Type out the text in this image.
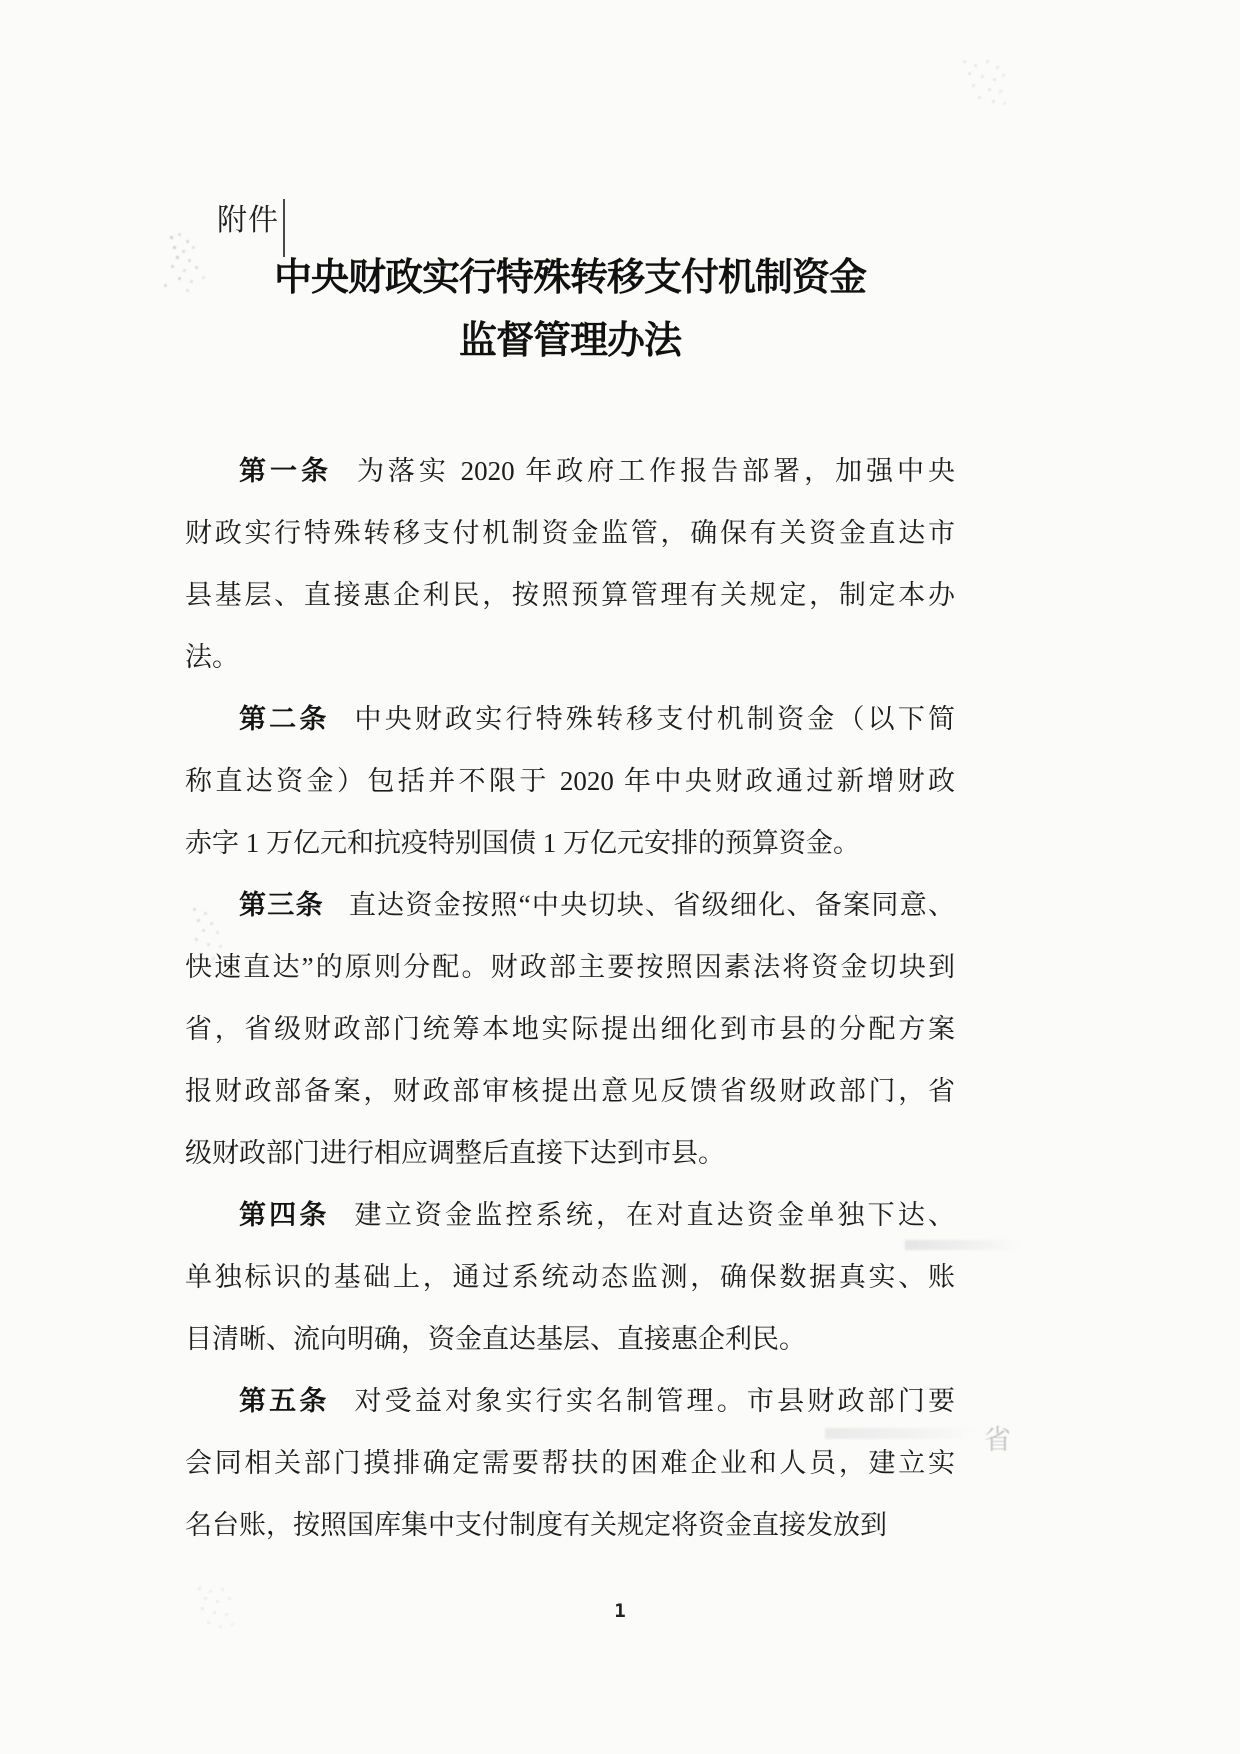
附件
中央财政实行特殊转移支付机制资金
监督管理办法
第一条 为落实 2020 年政府工作报告部署，加强中央
财政实行特殊转移支付机制资金监管，确保有关资金直达市
县基层、直接惠企利民，按照预算管理有关规定，制定本办
法。
第二条 中央财政实行特殊转移支付机制资金（以下简
称直达资金）包括并不限于 2020 年中央财政通过新增财政
赤字 1 万亿元和抗疫特别国债 1 万亿元安排的预算资金。
第三条 直达资金按照“中央切块、省级细化、备案同意、
快速直达”的原则分配。财政部主要按照因素法将资金切块到
省，省级财政部门统筹本地实际提出细化到市县的分配方案
报财政部备案，财政部审核提出意见反馈省级财政部门，省
级财政部门进行相应调整后直接下达到市县。
第四条 建立资金监控系统，在对直达资金单独下达、
单独标识的基础上，通过系统动态监测，确保数据真实、账
目清晰、流向明确，资金直达基层、直接惠企利民。
第五条 对受益对象实行实名制管理。市县财政部门要
会同相关部门摸排确定需要帮扶的困难企业和人员，建立实
名台账，按照国库集中支付制度有关规定将资金直接发放到
省
1
